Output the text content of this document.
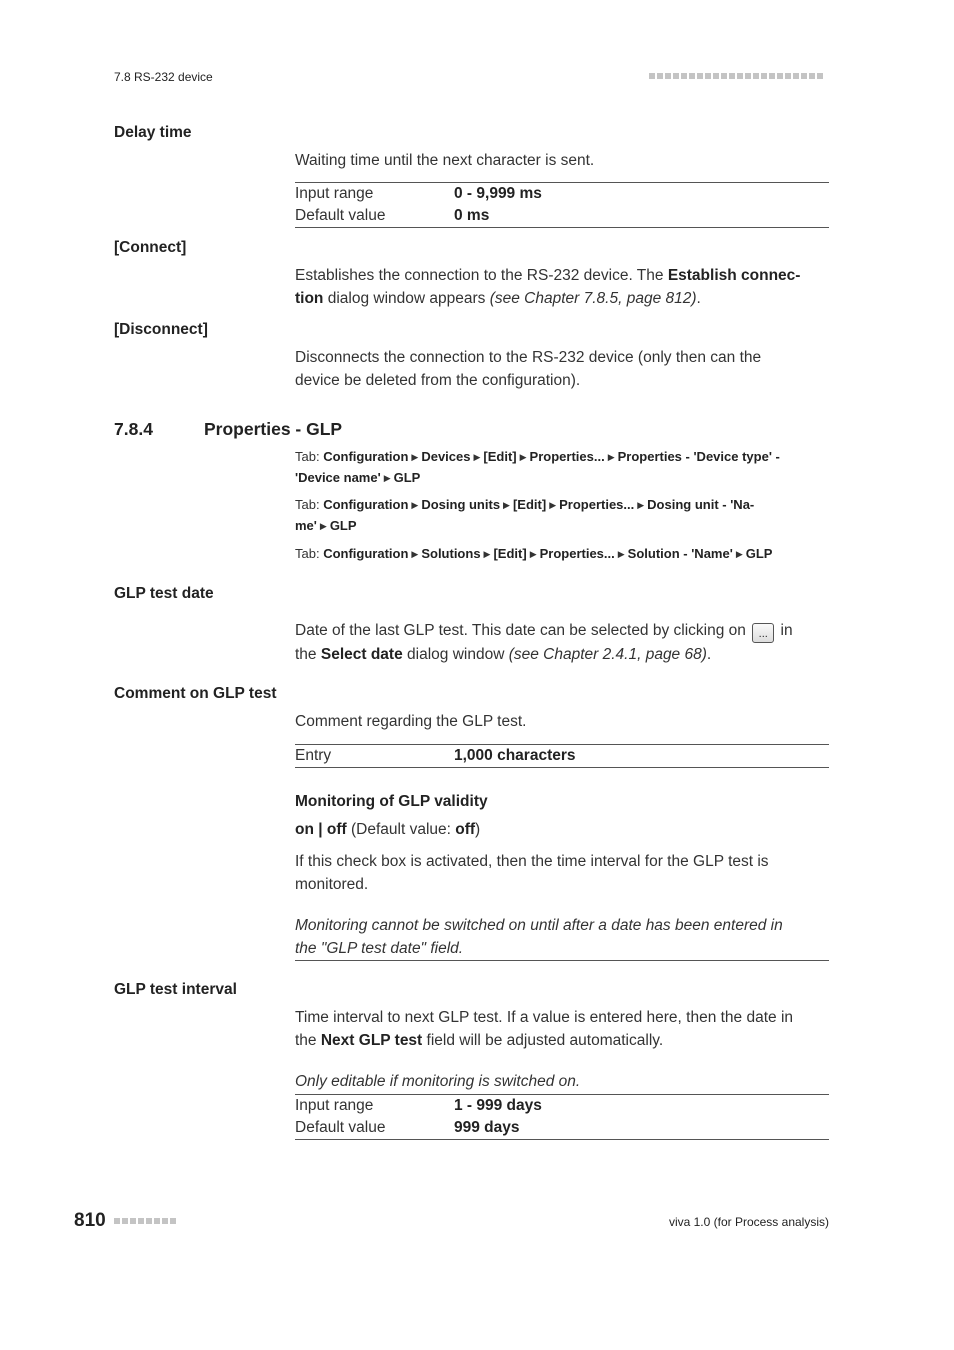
7.8 RS-232 device
Delay time
Waiting time until the next character is sent.
Input range	0 - 9,999 ms
Default value	0 ms
[Connect]
Establishes the connection to the RS-232 device. The Establish connec-
tion dialog window appears (see Chapter 7.8.5, page 812).
[Disconnect]
Disconnects the connection to the RS-232 device (only then can the
device be deleted from the configuration).
7.8.4	Properties - GLP
Tab: Configuration ▶ Devices ▶ [Edit] ▶ Properties... ▶ Properties - 'Device type' -
'Device name' ▶ GLP
Tab: Configuration ▶ Dosing units ▶ [Edit] ▶ Properties... ▶ Dosing unit - 'Na-
me' ▶ GLP
Tab: Configuration ▶ Solutions ▶ [Edit] ▶ Properties... ▶ Solution - 'Name' ▶ GLP
GLP test date
Date of the last GLP test. This date can be selected by clicking on ... in
the Select date dialog window (see Chapter 2.4.1, page 68).
Comment on GLP test
Comment regarding the GLP test.
Entry	1,000 characters
Monitoring of GLP validity
on | off (Default value: off)
If this check box is activated, then the time interval for the GLP test is
monitored.
Monitoring cannot be switched on until after a date has been entered in
the "GLP test date" field.
GLP test interval
Time interval to next GLP test. If a value is entered here, then the date in
the Next GLP test field will be adjusted automatically.
Only editable if monitoring is switched on.
Input range	1 - 999 days
Default value	999 days
810	viva 1.0 (for Process analysis)
